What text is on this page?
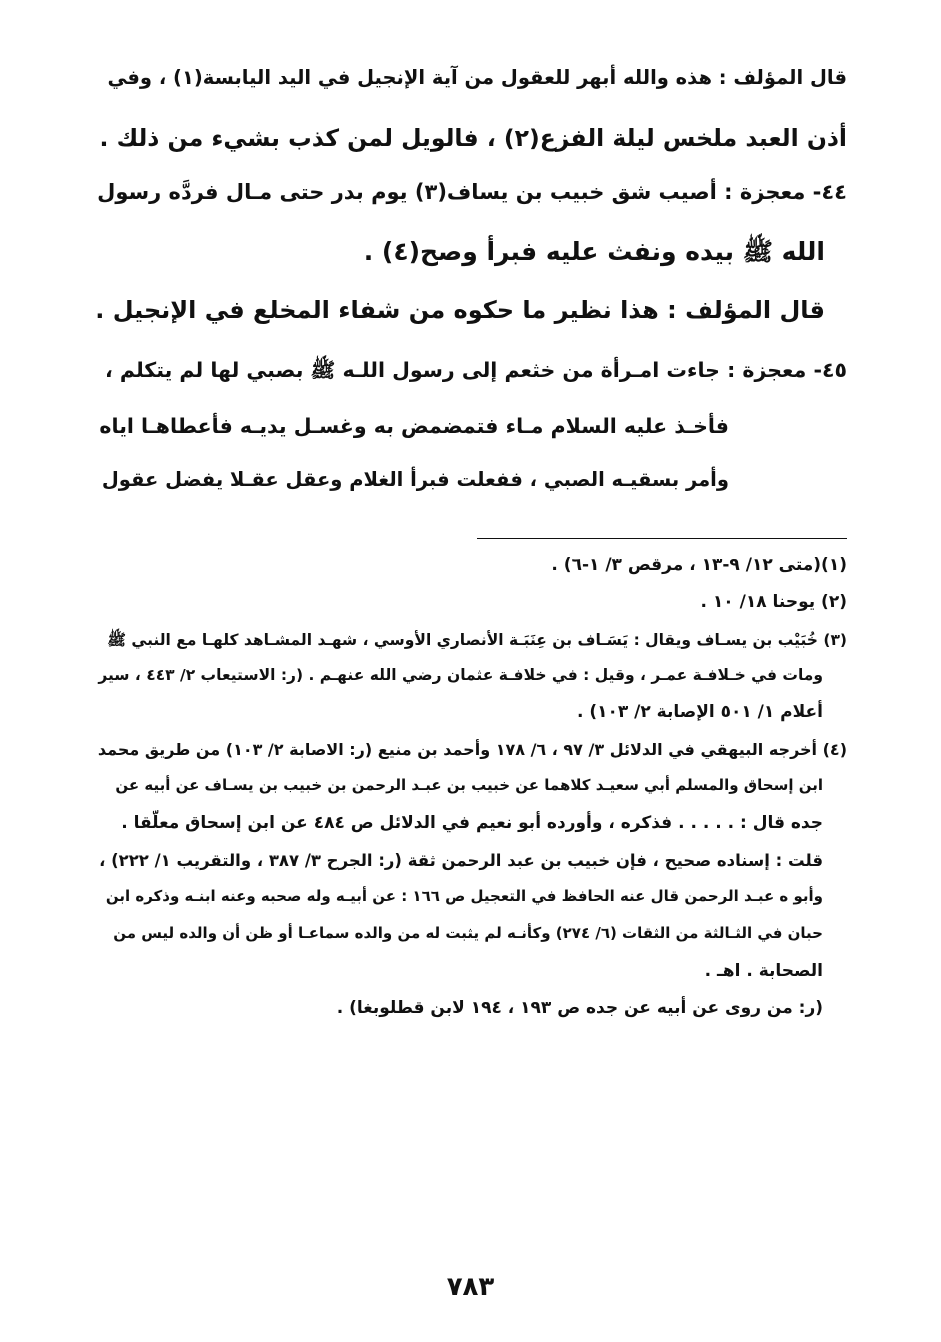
قال المؤلف : هذه والله أبهر للعقول من آية الإنجيل في اليد اليابسة(١) ، وفي
أذن العبد ملخس ليلة الفزع(٢) ، فالويل لمن كذب بشيء من ذلك .
٤٤- معجزة : أصيب شق خبيب بن يساف(٣) يوم بدر حتى مـال فردَّه رسول
الله ﷺ بيده ونفث عليه فبرأ وصح(٤) .
قال المؤلف : هذا نظير ما حكوه من شفاء المخلع في الإنجيل .
٤٥- معجزة : جاءت امـرأة من خثعم إلى رسول اللـه ﷺ بصبي لها لم يتكلم ،
فأخـذ عليه السلام مـاء فتمضمض به وغسـل يديـه فأعطاهـا اياه
وأمر بسقيـه الصبي ، ففعلت فبرأ الغلام وعقل عقـلا يفضل عقول
(١)(متى ١٢/ ٩-١٣ ، مرقص ٣/ ١-٦) .
(٢) يوحنا ١٨/ ١٠ .
(٣) خُبَيْب بن يسـاف ويقال : يَسَـاف بن عِنَبَـة الأنصاري الأوسي ، شهـد المشـاهد كلهـا مع النبي ﷺ
ومات في خـلافـة عمـر ، وقيل : في خلافـة عثمان رضي الله عنهـم . (ر: الاستيعاب ٢/ ٤٤٣ ، سير
أعلام ١/ ٥٠١ الإصابة ٢/ ١٠٣) .
(٤) أخرجه البيهقي في الدلائل ٣/ ٩٧ ، ٦/ ١٧٨ وأحمد بن منيع (ر: الاصابة ٢/ ١٠٣) من طريق محمد
ابن إسحاق والمسلم أبي سعيـد كلاهما عن خبيب بن عبـد الرحمن بن خبيب بن يسـاف عن أبيه عن
جده قال : . . . . . فذكره ، وأورده أبو نعيم في الدلائل ص ٤٨٤ عن ابن إسحاق معلّقا .
قلت : إسناده صحيح ، فإن خبيب بن عبد الرحمن ثقة (ر: الجرح ٣/ ٣٨٧ ، والتقريب ١/ ٢٢٢) ،
وأبو ه عبـد الرحمن قال عنه الحافظ في التعجيل ص ١٦٦ : عن أبيـه وله صحبه وعنه ابنـه وذكره ابن
حبان في الثـالثة من الثقات (٦/ ٢٧٤) وكأنـه لم يثبت له من والده سماعـا أو ظن أن والده ليس من
الصحابة . اهـ .
(ر: من روى عن أبيه عن جده ص ١٩٣ ، ١٩٤ لابن قطلوبغا) .
٧٨٣
